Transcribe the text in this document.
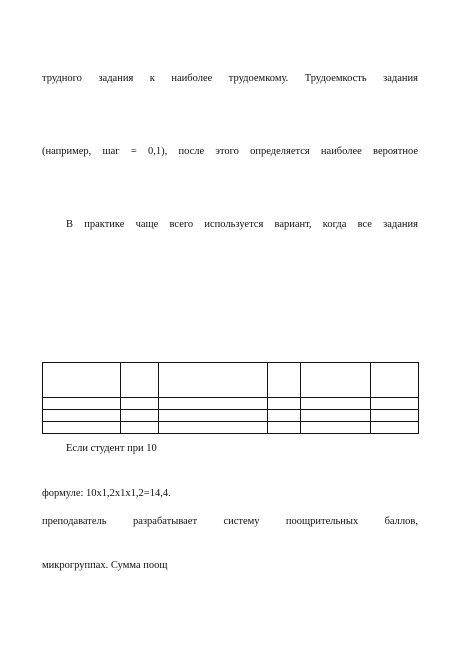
трудного задания к наиболее трудоемкому. Трудоемкость задания
(например, шаг = 0,1), после этого определяется наиболее вероятное
В практике чаще всего используется вариант, когда все задания

Если студент при 10
формуле: 10х1,2х1х1,2=14,4.
преподаватель разрабатывает систему поощрительных баллов,
микрогруппах. Сумма поощ
